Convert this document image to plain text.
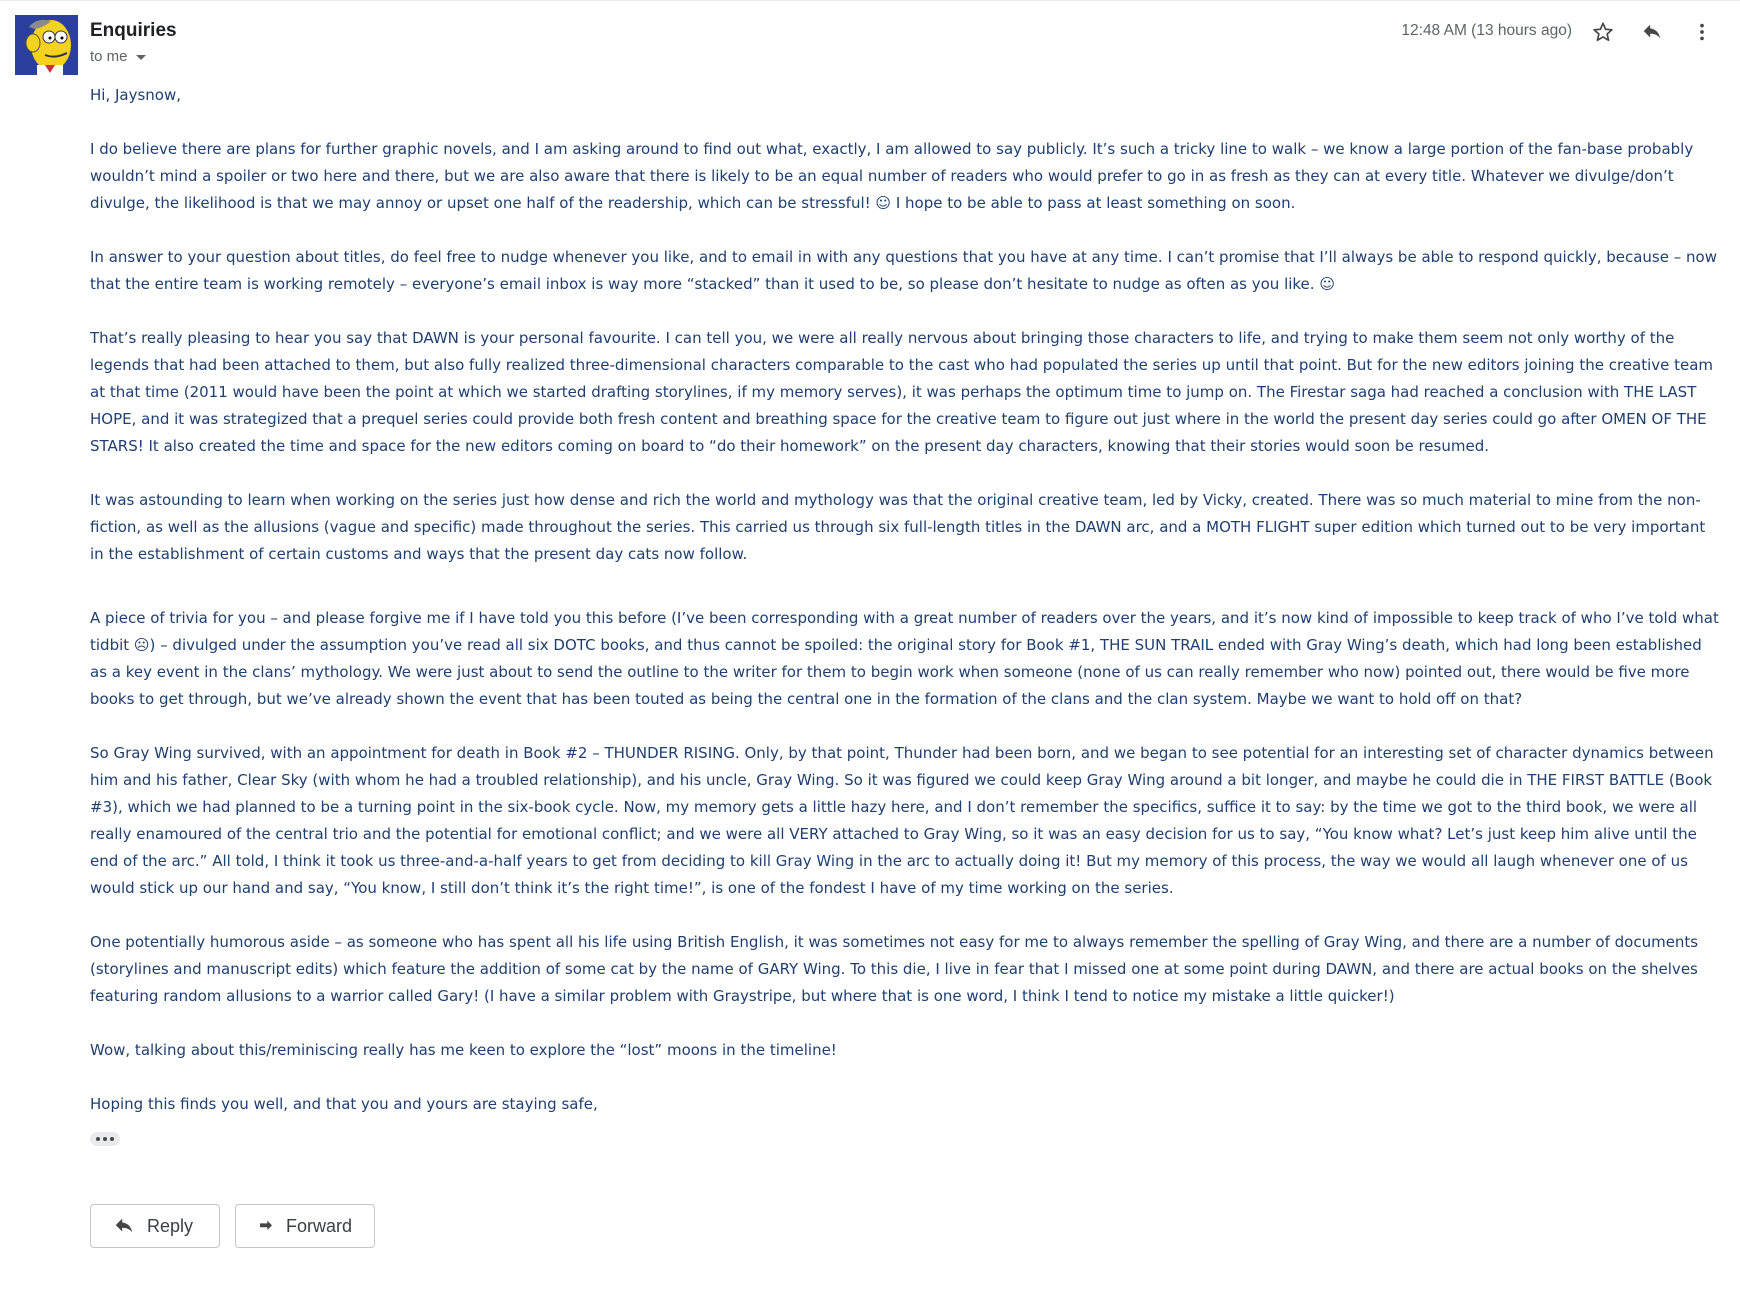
Enquiries
to me
12:48 AM (13 hours ago)

Hi, Jaysnow,

I do believe there are plans for further graphic novels, and I am asking around to find out what, exactly, I am allowed to say publicly. It’s such a tricky line to walk – we know a large portion of the fan-base probably wouldn’t mind a spoiler or two here and there, but we are also aware that there is likely to be an equal number of readers who would prefer to go in as fresh as they can at every title. Whatever we divulge/don’t divulge, the likelihood is that we may annoy or upset one half of the readership, which can be stressful! ☺ I hope to be able to pass at least something on soon.

In answer to your question about titles, do feel free to nudge whenever you like, and to email in with any questions that you have at any time. I can’t promise that I’ll always be able to respond quickly, because – now that the entire team is working remotely – everyone’s email inbox is way more “stacked” than it used to be, so please don’t hesitate to nudge as often as you like. ☺

That’s really pleasing to hear you say that DAWN is your personal favourite. I can tell you, we were all really nervous about bringing those characters to life, and trying to make them seem not only worthy of the legends that had been attached to them, but also fully realized three-dimensional characters comparable to the cast who had populated the series up until that point. But for the new editors joining the creative team at that time (2011 would have been the point at which we started drafting storylines, if my memory serves), it was perhaps the optimum time to jump on. The Firestar saga had reached a conclusion with THE LAST HOPE, and it was strategized that a prequel series could provide both fresh content and breathing space for the creative team to figure out just where in the world the present day series could go after OMEN OF THE STARS! It also created the time and space for the new editors coming on board to “do their homework” on the present day characters, knowing that their stories would soon be resumed.

It was astounding to learn when working on the series just how dense and rich the world and mythology was that the original creative team, led by Vicky, created. There was so much material to mine from the non-fiction, as well as the allusions (vague and specific) made throughout the series. This carried us through six full-length titles in the DAWN arc, and a MOTH FLIGHT super edition which turned out to be very important in the establishment of certain customs and ways that the present day cats now follow.

A piece of trivia for you – and please forgive me if I have told you this before (I’ve been corresponding with a great number of readers over the years, and it’s now kind of impossible to keep track of who I’ve told what tidbit ☹) – divulged under the assumption you’ve read all six DOTC books, and thus cannot be spoiled: the original story for Book #1, THE SUN TRAIL ended with Gray Wing’s death, which had long been established as a key event in the clans’ mythology. We were just about to send the outline to the writer for them to begin work when someone (none of us can really remember who now) pointed out, there would be five more books to get through, but we’ve already shown the event that has been touted as being the central one in the formation of the clans and the clan system. Maybe we want to hold off on that?

So Gray Wing survived, with an appointment for death in Book #2 – THUNDER RISING. Only, by that point, Thunder had been born, and we began to see potential for an interesting set of character dynamics between him and his father, Clear Sky (with whom he had a troubled relationship), and his uncle, Gray Wing. So it was figured we could keep Gray Wing around a bit longer, and maybe he could die in THE FIRST BATTLE (Book #3), which we had planned to be a turning point in the six-book cycle. Now, my memory gets a little hazy here, and I don’t remember the specifics, suffice it to say: by the time we got to the third book, we were all really enamoured of the central trio and the potential for emotional conflict; and we were all VERY attached to Gray Wing, so it was an easy decision for us to say, “You know what? Let’s just keep him alive until the end of the arc.” All told, I think it took us three-and-a-half years to get from deciding to kill Gray Wing in the arc to actually doing it! But my memory of this process, the way we would all laugh whenever one of us would stick up our hand and say, “You know, I still don’t think it’s the right time!”, is one of the fondest I have of my time working on the series.

One potentially humorous aside – as someone who has spent all his life using British English, it was sometimes not easy for me to always remember the spelling of Gray Wing, and there are a number of documents (storylines and manuscript edits) which feature the addition of some cat by the name of GARY Wing. To this die, I live in fear that I missed one at some point during DAWN, and there are actual books on the shelves featuring random allusions to a warrior called Gary! (I have a similar problem with Graystripe, but where that is one word, I think I tend to notice my mistake a little quicker!)

Wow, talking about this/reminiscing really has me keen to explore the “lost” moons in the timeline!

Hoping this finds you well, and that you and yours are staying safe,

Reply	Forward
